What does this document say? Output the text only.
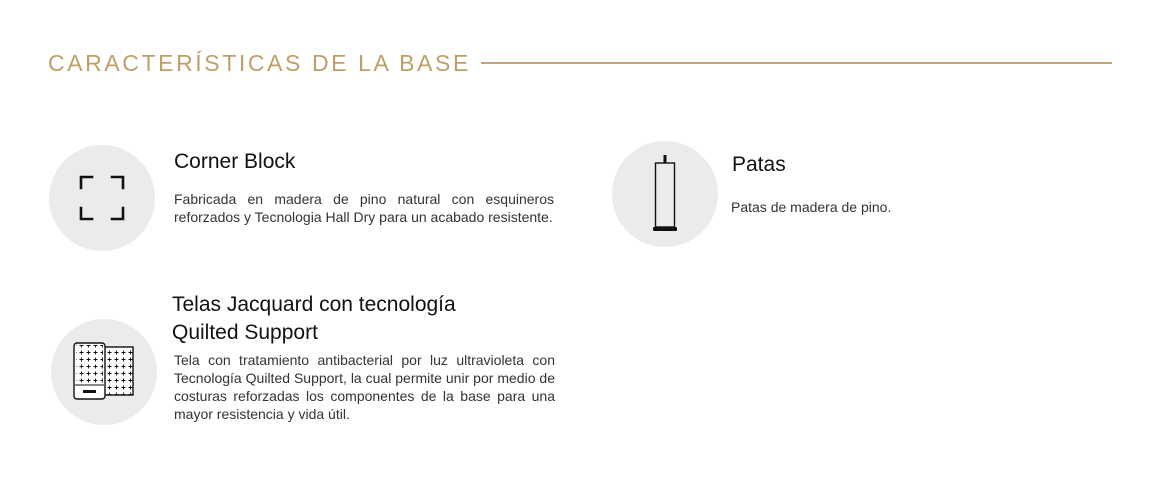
CARACTERÍSTICAS DE LA BASE
Corner Block

Fabricada en madera de pino natural con esquineros reforzados y Tecnologia Hall Dry para un acabado resistente.

Patas

Patas de madera de pino.

Telas Jacquard con tecnología
Quilted Support

Tela con tratamiento antibacterial por luz ultravioleta con Tecnología Quilted Support, la cual permite unir por medio de costuras reforzadas los componentes de la base para una mayor resistencia y vida útil.
